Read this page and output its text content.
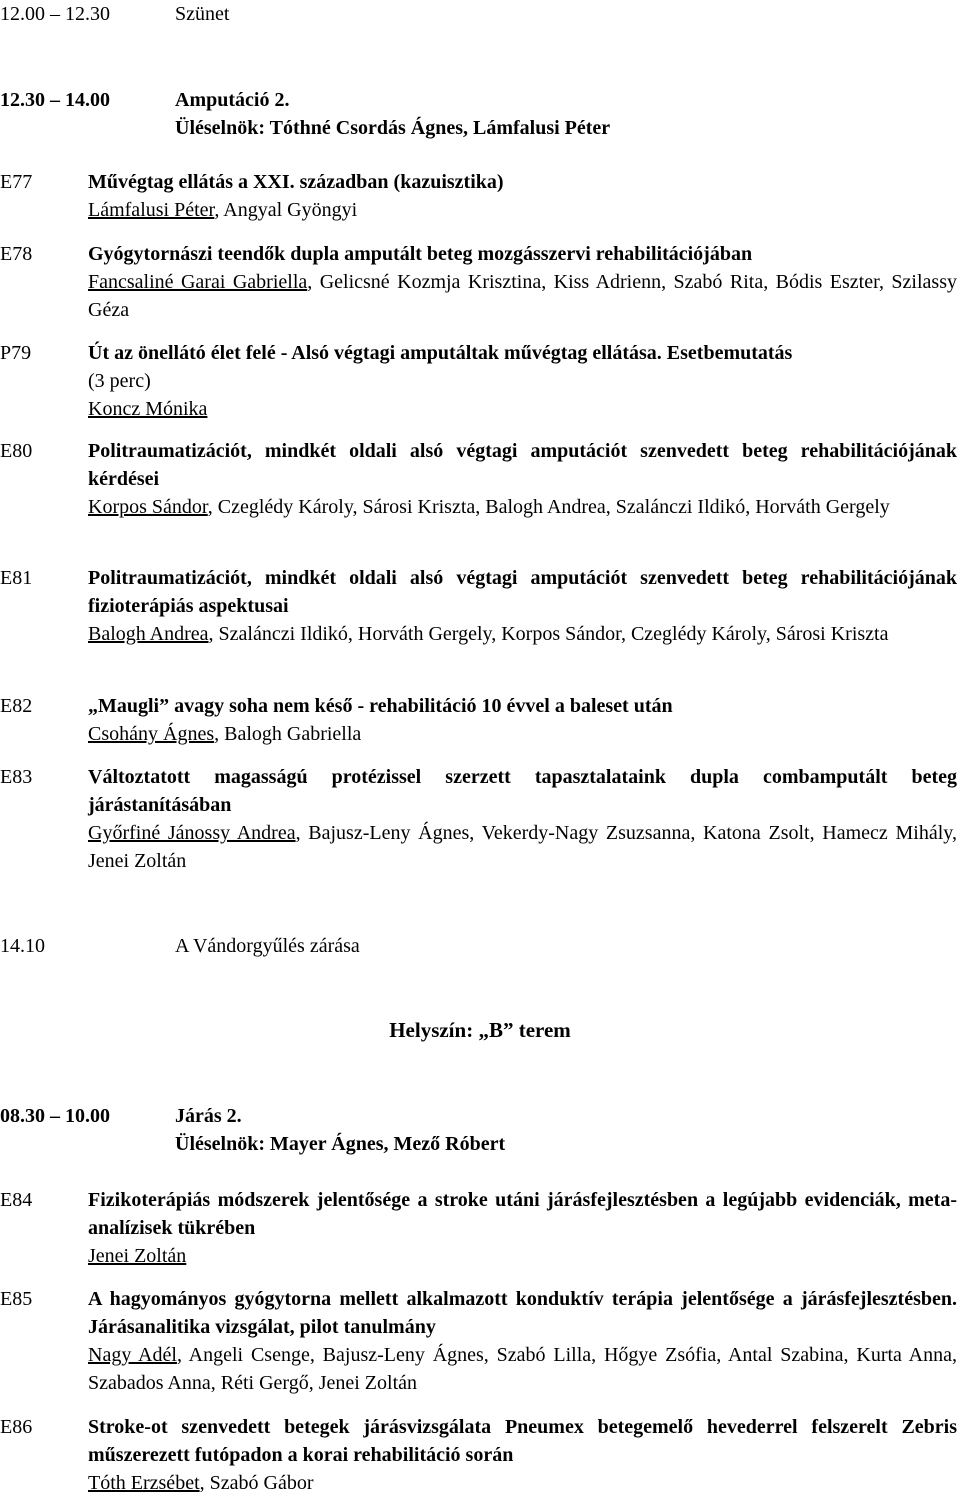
12.00 – 12.30	Szünet
12.30 – 14.00	Amputáció 2.
Üléselnök: Tóthné Csordás Ágnes, Lámfalusi Péter
E77	Művégtag ellátás a XXI. században (kazuisztika)
Lámfalusi Péter, Angyal Gyöngyi
E78	Gyógytornászi teendők dupla amputált beteg mozgásszervi rehabilitációjában
Fancsaliné Garai Gabriella, Gelicsné Kozmja Krisztina, Kiss Adrienn, Szabó Rita, Bódis Eszter, Szilassy Géza
P79	Út az önellátó élet felé - Alsó végtagi amputáltak művégtag ellátása. Esetbemutatás
(3 perc)
Koncz Mónika
E80	Politraumatizációt, mindkét oldali alsó végtagi amputációt szenvedett beteg rehabilitációjának kérdései
Korpos Sándor, Czeglédy Károly, Sárosi Kriszta, Balogh Andrea, Szalánczi Ildikó, Horváth Gergely
E81	Politraumatizációt, mindkét oldali alsó végtagi amputációt szenvedett beteg rehabilitációjának fizioterápiás aspektusai
Balogh Andrea, Szalánczi Ildikó, Horváth Gergely, Korpos Sándor, Czeglédy Károly, Sárosi Kriszta
E82	„Maugli” avagy soha nem késő - rehabilitáció 10 évvel a baleset után
Csohány Ágnes, Balogh Gabriella
E83	Változtatott magasságú protézissel szerzett tapasztalataink dupla combamputált beteg járástanításában
Győrfiné Jánossy Andrea, Bajusz-Leny Ágnes, Vekerdy-Nagy Zsuzsanna, Katona Zsolt, Hamecz Mihály, Jenei Zoltán
14.10	A Vándorgyűlés zárása
Helyszín: „B” terem
08.30 – 10.00	Járás 2.
Üléselnök: Mayer Ágnes, Mező Róbert
E84	Fizikoterápiás módszerek jelentősége a stroke utáni járásfejlesztésben a legújabb evidenciák, meta-analízisek tükrében
Jenei Zoltán
E85	A hagyományos gyógytorna mellett alkalmazott konduktív terápia jelentősége a járásfejlesztésben. Járásanalitika vizsgálat, pilot tanulmány
Nagy Adél, Angeli Csenge, Bajusz-Leny Ágnes, Szabó Lilla, Hőgye Zsófia, Antal Szabina, Kurta Anna, Szabados Anna, Réti Gergő, Jenei Zoltán
E86	Stroke-ot szenvedett betegek járásvizsgálata Pneumex betegemelő hevederrel felszerelt Zebris műszerezett futópadon a korai rehabilitáció során
Tóth Erzsébet, Szabó Gábor
